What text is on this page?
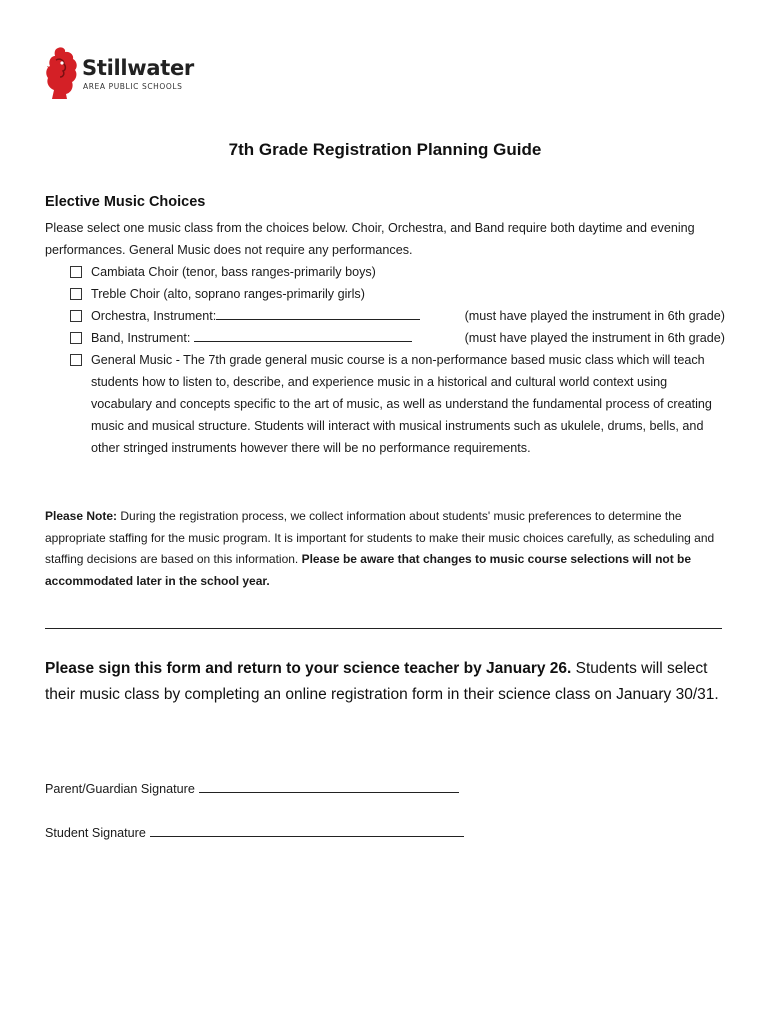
Stillwater
AREA PUBLIC SCHOOLS
7th Grade Registration Planning Guide
Elective Music Choices
Please select one music class from the choices below. Choir, Orchestra, and Band require both daytime and evening performances. General Music does not require any performances.
Cambiata Choir (tenor, bass ranges-primarily boys)
Treble Choir (alto, soprano ranges-primarily girls)
Orchestra, Instrument:	(must have played the instrument in 6th grade)
Band, Instrument:	(must have played the instrument in 6th grade)
General Music - The 7th grade general music course is a non-performance based music class which will teach students how to listen to, describe, and experience music in a historical and cultural world context using vocabulary and concepts specific to the art of music, as well as understand the fundamental process of creating music and musical structure. Students will interact with musical instruments such as ukulele, drums, bells, and other stringed instruments however there will be no performance requirements.
Please Note: During the registration process, we collect information about students' music preferences to determine the appropriate staffing for the music program. It is important for students to make their music choices carefully, as scheduling and staffing decisions are based on this information. Please be aware that changes to music course selections will not be accommodated later in the school year.
Please sign this form and return to your science teacher by January 26. Students will select their music class by completing an online registration form in their science class on January 30/31.
Parent/Guardian Signature
Student Signature
